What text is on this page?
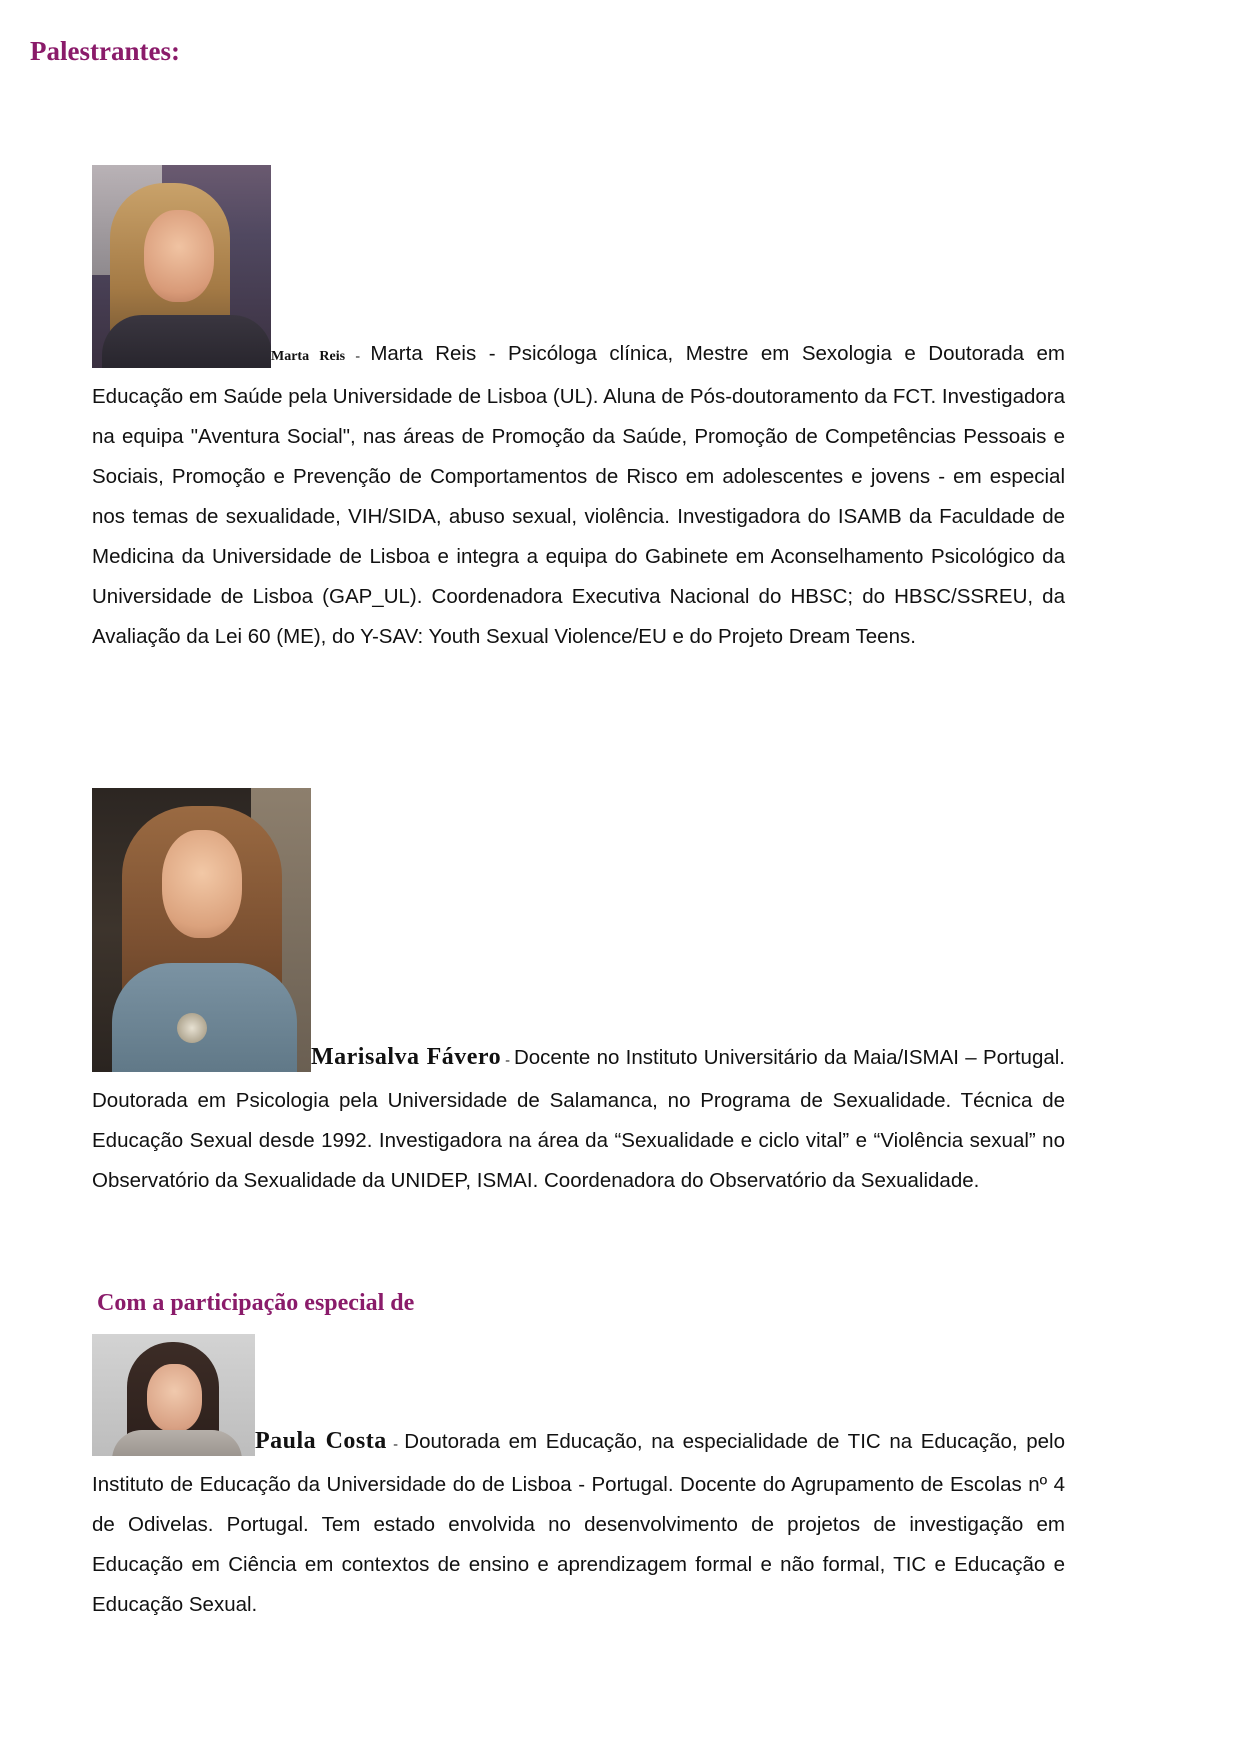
Palestrantes:

Marta Reis - Marta Reis - Psicóloga clínica, Mestre em Sexologia e Doutorada em Educação em Saúde pela Universidade de Lisboa (UL). Aluna de Pós-doutoramento da FCT. Investigadora na equipa "Aventura Social", nas áreas de Promoção da Saúde, Promoção de Competências Pessoais e Sociais, Promoção e Prevenção de Comportamentos de Risco em adolescentes e jovens - em especial nos temas de sexualidade, VIH/SIDA, abuso sexual, violência. Investigadora do ISAMB da Faculdade de Medicina da Universidade de Lisboa e integra a equipa do Gabinete em Aconselhamento Psicológico da Universidade de Lisboa (GAP_UL). Coordenadora Executiva Nacional do HBSC; do HBSC/SSREU, da Avaliação da Lei 60 (ME), do Y-SAV: Youth Sexual Violence/EU e do Projeto Dream Teens.

Marisalva Fávero - Docente no Instituto Universitário da Maia/ISMAI – Portugal. Doutorada em Psicologia pela Universidade de Salamanca, no Programa de Sexualidade. Técnica de Educação Sexual desde 1992. Investigadora na área da “Sexualidade e ciclo vital” e “Violência sexual” no Observatório da Sexualidade da UNIDEP, ISMAI. Coordenadora do Observatório da Sexualidade.

Com a participação especial de

Paula Costa - Doutorada em Educação, na especialidade de TIC na Educação, pelo Instituto de Educação da Universidade do de Lisboa - Portugal. Docente do Agrupamento de Escolas nº 4 de Odivelas. Portugal. Tem estado envolvida no desenvolvimento de projetos de investigação em Educação em Ciência em contextos de ensino e aprendizagem formal e não formal, TIC e Educação e Educação Sexual.
